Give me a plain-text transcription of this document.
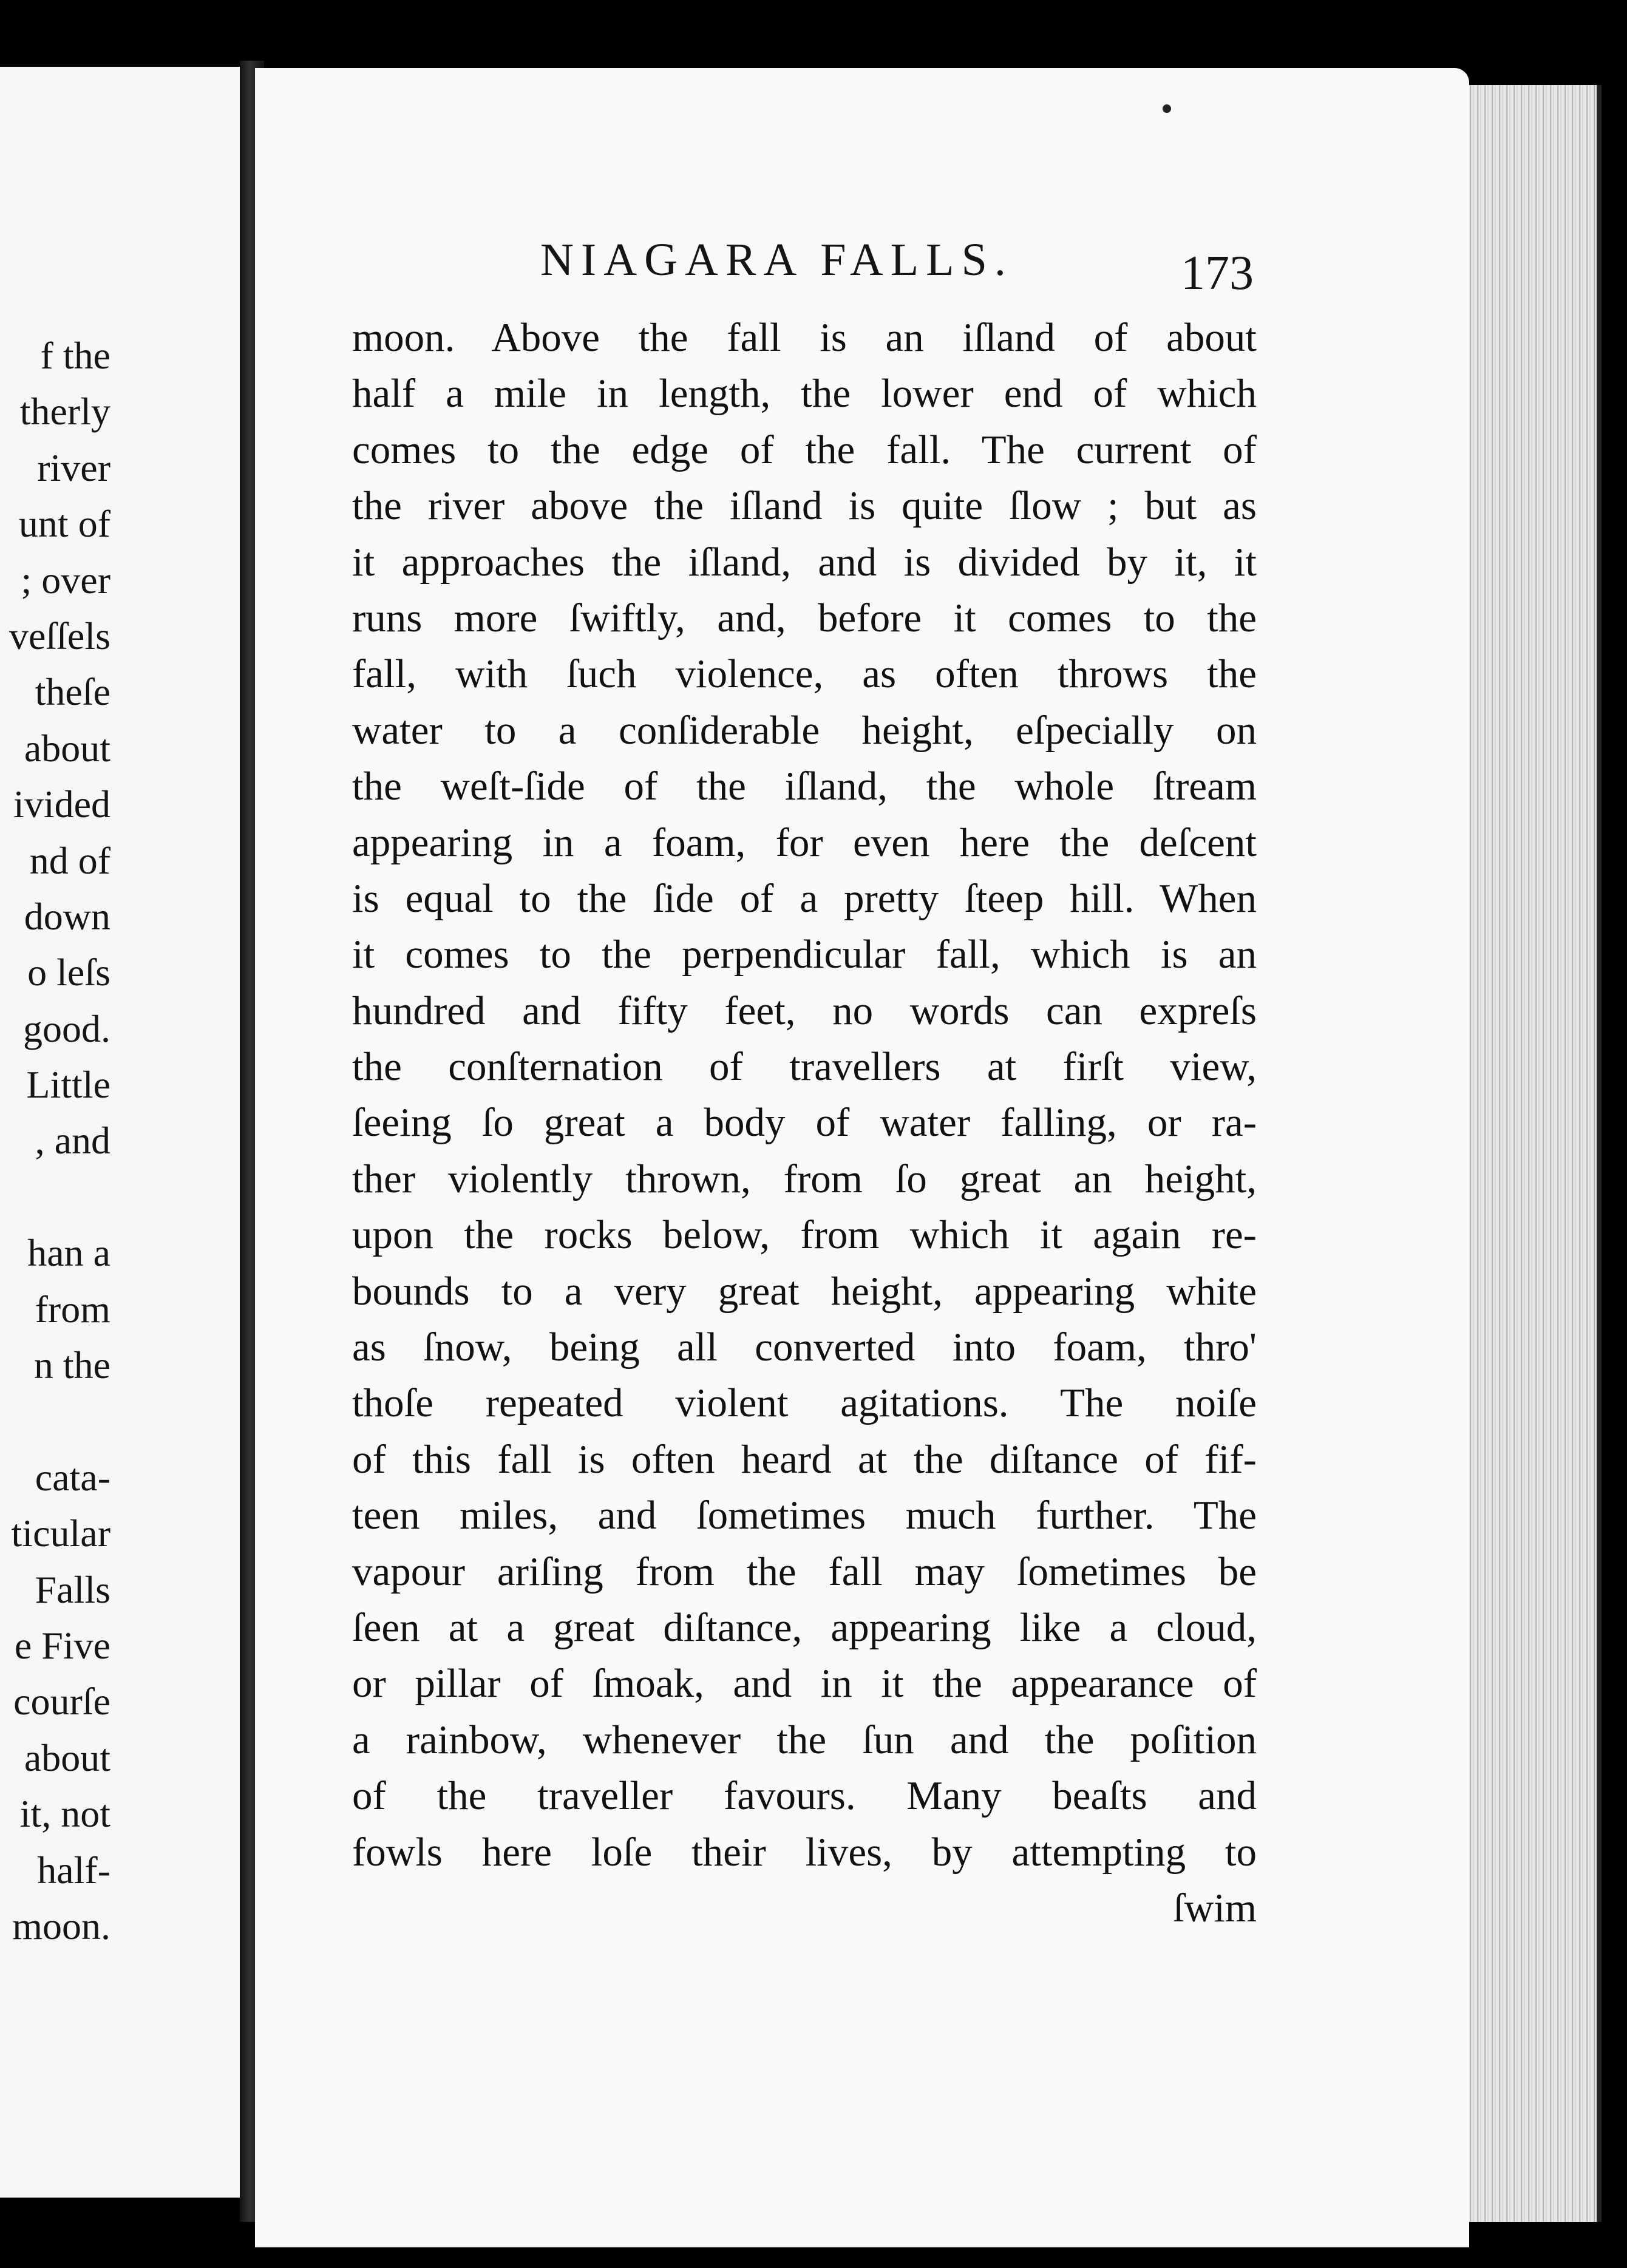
f the
therly
river
unt of
; over
veſſels
theſe
about
ivided
nd of
down
o leſs
good.
Little
, and
han a
from
n the
cata-
ticular
Falls
e Five
courſe
about
it, not
half-
moon.
NIAGARA FALLS.	173
moon. Above the fall is an iſland of about
half a mile in length, the lower end of which
comes to the edge of the fall. The current of
the river above the iſland is quite ſlow ; but as
it approaches the iſland, and is divided by it, it
runs more ſwiftly, and, before it comes to the
fall, with ſuch violence, as often throws the
water to a conſiderable height, eſpecially on
the weſt-ſide of the iſland, the whole ſtream
appearing in a foam, for even here the deſcent
is equal to the ſide of a pretty ſteep hill. When
it comes to the perpendicular fall, which is an
hundred and fifty feet, no words can expreſs
the conſternation of travellers at firſt view,
ſeeing ſo great a body of water falling, or ra-
ther violently thrown, from ſo great an height,
upon the rocks below, from which it again re-
bounds to a very great height, appearing white
as ſnow, being all converted into foam, thro'
thoſe repeated violent agitations. The noiſe
of this fall is often heard at the diſtance of fif-
teen miles, and ſometimes much further. The
vapour ariſing from the fall may ſometimes be
ſeen at a great diſtance, appearing like a cloud,
or pillar of ſmoak, and in it the appearance of
a rainbow, whenever the ſun and the poſition
of the traveller favours. Many beaſts and
fowls here loſe their lives, by attempting to
ſwim
